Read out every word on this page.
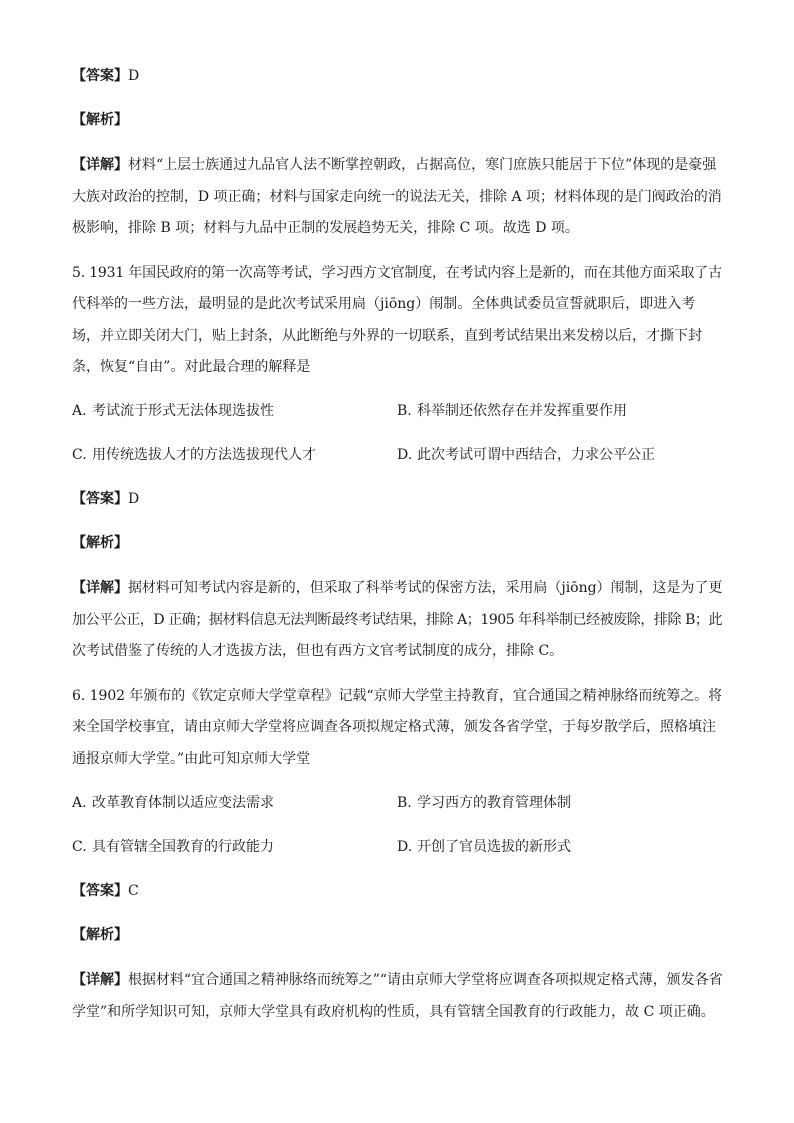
【答案】D
【解析】
【详解】材料“上层士族通过九品官人法不断掌控朝政，占据高位，寒门庶族只能居于下位”体现的是豪强
大族对政治的控制，D 项正确；材料与国家走向统一的说法无关，排除 A 项；材料体现的是门阀政治的消
极影响，排除 B 项；材料与九品中正制的发展趋势无关，排除 C 项。故选 D 项。
5. 1931 年国民政府的第一次高等考试，学习西方文官制度，在考试内容上是新的，而在其他方面采取了古
代科举的一些方法，最明显的是此次考试采用扃（jiōng）闱制。全体典试委员宣誓就职后，即进入考
场，并立即关闭大门，贴上封条，从此断绝与外界的一切联系，直到考试结果出来发榜以后，才撕下封
条，恢复“自由”。对此最合理的解释是
A. 考试流于形式无法体现选拔性	B. 科举制还依然存在并发挥重要作用
C. 用传统选拔人才的方法选拔现代人才	D. 此次考试可谓中西结合，力求公平公正
【答案】D
【解析】
【详解】据材料可知考试内容是新的，但采取了科举考试的保密方法，采用扃（jiōng）闱制，这是为了更
加公平公正，D 正确；据材料信息无法判断最终考试结果，排除 A；1905 年科举制已经被废除，排除 B；此
次考试借鉴了传统的人才选拔方法，但也有西方文官考试制度的成分，排除 C。
6. 1902 年颁布的《钦定京师大学堂章程》记载“京师大学堂主持教育，宜合通国之精神脉络而统筹之。将
来全国学校事宜，请由京师大学堂将应调查各项拟规定格式薄，颁发各省学堂，于每岁散学后，照格填注
通报京师大学堂。”由此可知京师大学堂
A. 改革教育体制以适应变法需求	B. 学习西方的教育管理体制
C. 具有管辖全国教育的行政能力	D. 开创了官员选拔的新形式
【答案】C
【解析】
【详解】根据材料“宜合通国之精神脉络而统筹之”“请由京师大学堂将应调查各项拟规定格式薄，颁发各省
学堂”和所学知识可知，京师大学堂具有政府机构的性质，具有管辖全国教育的行政能力，故 C 项正确。
